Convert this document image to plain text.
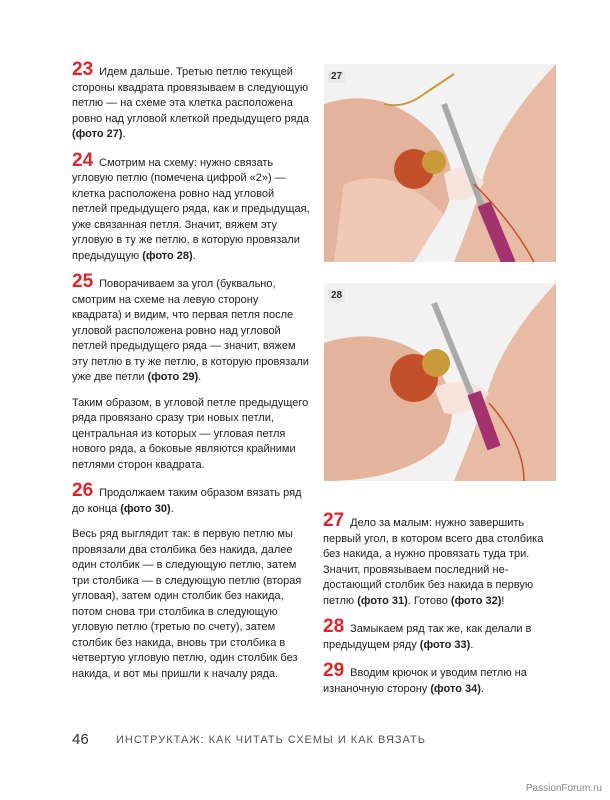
23 Идем дальше. Третью петлю текущей стороны квадрата провязываем в следующую петлю — на схеме эта клетка расположена ровно над угловой клеткой предыдущего ряда (фото 27).

24 Смотрим на схему: нужно связать угловую петлю (помечена цифрой «2») — клетка расположена ровно над угловой петлей предыдущего ряда, как и предыдущая, уже связанная петля. Значит, вяжем эту угловую в ту же петлю, в которую провязали предыдущую (фото 28).

25 Поворачиваем за угол (буквально, смотрим на схеме на левую сторону квадрата) и видим, что первая петля после угловой расположена ровно над угловой петлей предыдущего ряда — значит, вяжем эту петлю в ту же петлю, в которую провязали уже две петли (фото 29).

Таким образом, в угловой петле предыдущего ряда провязано сразу три новых петли, центральная из которых — угловая петля нового ряда, а боковые являются крайними петлями сторон квадрата.

26 Продолжаем таким образом вязать ряд до конца (фото 30).

Весь ряд выглядит так: в первую петлю мы провязали два столбика без накида, далее один столбик — в следующую петлю, затем три столбика — в следующую петлю (вторая угловая), затем один столбик без накида, потом снова три столбика в следующую угловую петлю (третью по счету), затем столбик без накида, вновь три столбика в четвертую угловую петлю, один столбик без накида, и вот мы пришли к началу ряда.

27
28

27 Дело за малым: нужно завершить первый угол, в котором всего два столбика без накида, а нужно провязать туда три. Значит, провязываем последний недостающий столбик без накида в первую петлю (фото 31). Готово (фото 32)!

28 Замыкаем ряд так же, как делали в предыдущем ряду (фото 33).

29 Вводим крючок и уводим петлю на изнаночную сторону (фото 34).

46 ИНСТРУКТАЖ: КАК ЧИТАТЬ СХЕМЫ И КАК ВЯЗАТЬ
PassionForum.ru
